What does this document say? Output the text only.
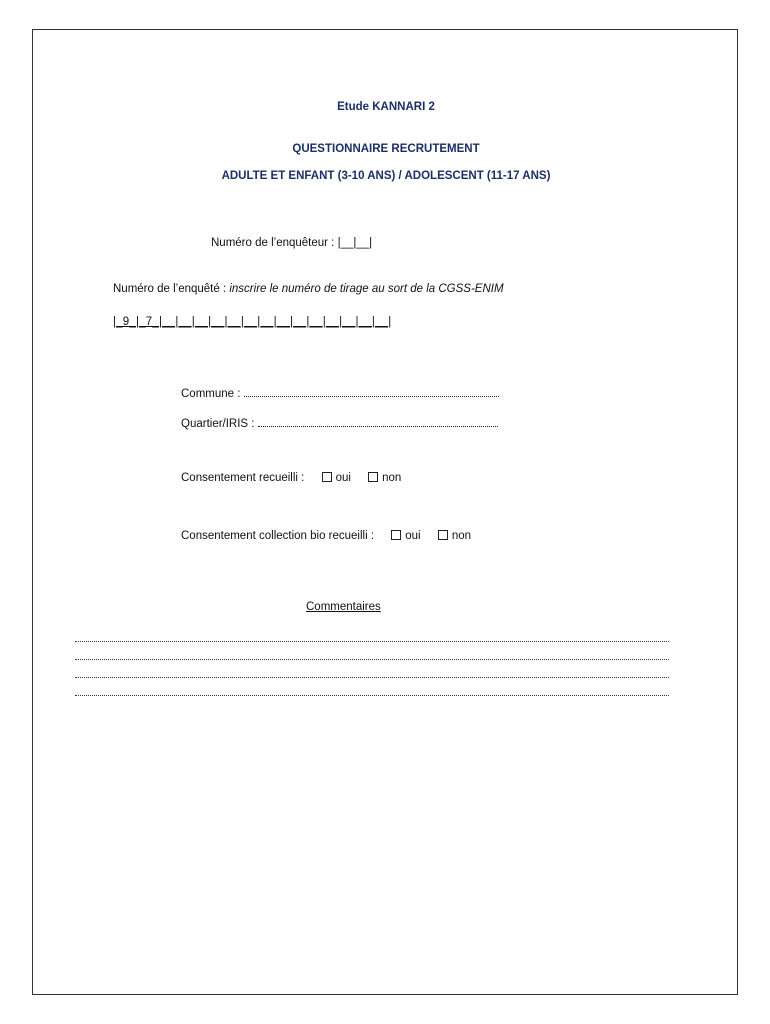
Etude KANNARI 2
QUESTIONNAIRE RECRUTEMENT
ADULTE ET ENFANT (3-10 ANS) / ADOLESCENT (11-17 ANS)
Numéro de l’enquêteur : |__|__|
Numéro de l’enquêté : inscrire le numéro de tirage au sort de la CGSS-ENIM
|_9_|_7_|__|__|__|__|__|__|__|__|__|__|__|__|__|__|
Commune :
Quartier/IRIS :
Consentement recueilli :	oui	non
Consentement collection bio recueilli :	oui	non
Commentaires
